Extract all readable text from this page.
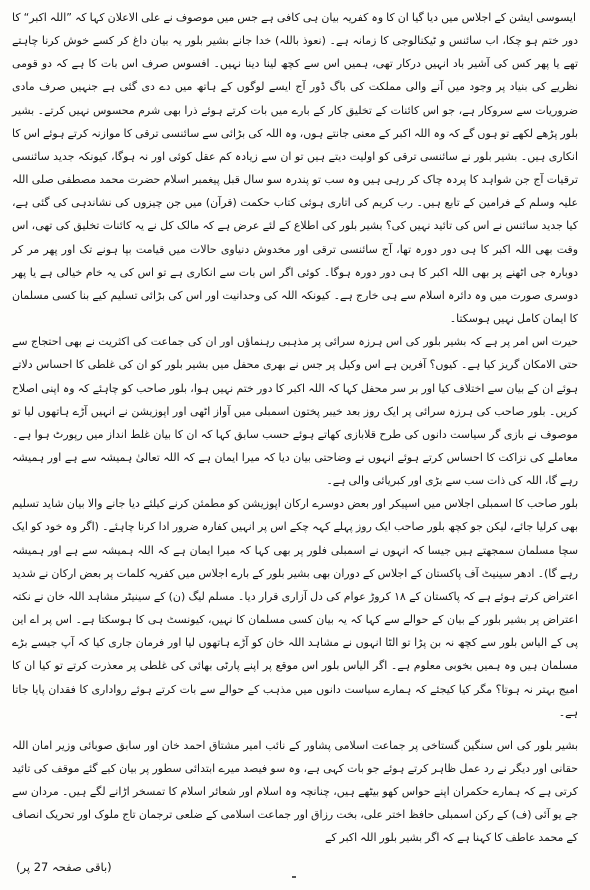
ایسوسی ایشن کے اجلاس میں دیا گیا ان کا وہ کفریہ بیان ہی کافی ہے جس میں موصوف نے علی الاعلان کہا کہ ”اللہ اکبر“ کا دور ختم ہو چکا، اب سائنس و ٹیکنالوجی کا زمانہ ہے۔ (نعوذ باللہ) خدا جانے بشیر بلور یہ بیان داغ کر کسے خوش کرنا چاہتے تھے یا پھر کس کی آشیر باد انہیں درکار تھی، ہمیں اس سے کچھ لینا دینا نہیں۔ افسوس صرف اس بات کا ہے کہ دو قومی نظریے کی بنیاد پر وجود میں آنے والی مملکت کی باگ ڈور آج ایسے لوگوں کے ہاتھ میں دے دی گئی ہے جنہیں صرف مادی ضروریات سے سروکار ہے، جو اس کائنات کے تخلیق کار کے بارے میں بات کرتے ہوئے ذرا بھی شرم محسوس نہیں کرتے۔ بشیر بلور پڑھے لکھے تو ہوں گے کہ وہ اللہ اکبر کے معنی جانتے ہوں، وہ اللہ کی بڑائی سے سائنسی ترقی کا موازنہ کرتے ہوئے اس کا انکاری ہیں۔ بشیر بلور نے سائنسی ترقی کو اولیت دیتے ہیں تو ان سے زیادہ کم عقل کوئی اور نہ ہوگا، کیونکہ جدید سائنسی ترقیات آج جن شواہد کا پردہ چاک کر رہی ہیں وہ سب تو پندرہ سو سال قبل پیغمبر اسلام حضرت محمد مصطفی صلی اللہ علیہ وسلم کے فرامین کے تابع ہیں۔ رب کریم کی اتاری ہوئی کتاب حکمت (قرآن) میں جن چیزوں کی نشاندہی کی گئی ہے، کیا جدید سائنس نے اس کی تائید نہیں کی؟ بشیر بلور کی اطلاع کے لئے عرض ہے کہ مالک کل نے یہ کائنات تخلیق کی تھی، اس وقت بھی اللہ اکبر کا ہی دور دورہ تھا، آج سائنسی ترقی اور مخدوش دنیاوی حالات میں قیامت بپا ہونے تک اور پھر مر کر دوبارہ جی اٹھنے پر بھی اللہ اکبر کا ہی دور دورہ ہوگا۔ کوئی اگر اس بات سے انکاری ہے تو اس کی یہ خام خیالی ہے یا پھر دوسری صورت میں وہ دائرہ اسلام سے ہی خارج ہے۔ کیونکہ اللہ کی وحدانیت اور اس کی بڑائی تسلیم کیے بنا کسی مسلمان کا ایمان کامل نہیں ہوسکتا۔

حیرت اس امر پر ہے کہ بشیر بلور کی اس ہرزہ سرائی پر مذہبی رہنماؤں اور ان کی جماعت کی اکثریت نے بھی احتجاج سے حتی الامکان گریز کیا ہے۔ کیوں؟ آفرین ہے اس وکیل پر جس نے بھری محفل میں بشیر بلور کو ان کی غلطی کا احساس دلاتے ہوئے ان کے بیان سے اختلاف کیا اور بر سر محفل کہا کہ اللہ اکبر کا دور ختم نہیں ہوا، بلور صاحب کو چاہئے کہ وہ اپنی اصلاح کریں۔ بلور صاحب کی ہرزہ سرائی پر ایک روز بعد خیبر پختون اسمبلی میں آواز اٹھی اور اپوزیشن نے انہیں آڑے ہاتھوں لیا تو موصوف نے بازی گر سیاست دانوں کی طرح قلابازی کھاتے ہوئے حسب سابق کہا کہ ان کا بیان غلط انداز میں رپورٹ ہوا ہے۔ معاملے کی نزاکت کا احساس کرتے ہوئے انہوں نے وضاحتی بیان دیا کہ میرا ایمان ہے کہ اللہ تعالیٰ ہمیشہ سے ہے اور ہمیشہ رہے گا، اللہ کی ذات سب سے بڑی اور کبریائی والی ہے۔

بلور صاحب کا اسمبلی اجلاس میں اسپیکر اور بعض دوسرے ارکان اپوزیشن کو مطمئن کرنے کیلئے دیا جانے والا بیان شاید تسلیم بھی کرلیا جائے، لیکن جو کچھ بلور صاحب ایک روز پہلے کہہ چکے اس پر انہیں کفارہ ضرور ادا کرنا چاہئے۔ (اگر وہ خود کو ایک سچا مسلمان سمجھتے ہیں جیسا کہ انہوں نے اسمبلی فلور پر بھی کہا کہ میرا ایمان ہے کہ اللہ ہمیشہ سے ہے اور ہمیشہ رہے گا)۔ ادھر سینیٹ آف پاکستان کے اجلاس کے دوران بھی بشیر بلور کے بارے اجلاس میں کفریہ کلمات پر بعض ارکان نے شدید اعتراض کرتے ہوئے ہے کہ پاکستان کے ۱۸ کروڑ عوام کی دل آزاری قرار دیا۔ مسلم لیگ (ن) کے سینیٹر مشاہد اللہ خان نے نکتہ اعتراض پر بشیر بلور کے بیان کے حوالے سے کہا کہ یہ بیان کسی مسلمان کا نہیں، کیونسٹ ہی کا ہوسکتا ہے۔ اس پر اے این پی کے الیاس بلور سے کچھ نہ بن پڑا تو الٹا انہوں نے مشاہد اللہ خان کو آڑے ہاتھوں لیا اور فرمان جاری کیا کہ آپ جیسے بڑے مسلمان ہیں وہ ہمیں بخوبی معلوم ہے۔ اگر الیاس بلور اس موقع پر اپنے پارٹی بھائی کی غلطی پر معذرت کرتے تو کیا ان کا امیج بہتر نہ ہوتا؟ مگر کیا کیجئے کہ ہمارے سیاست دانوں میں مذہب کے حوالے سے بات کرتے ہوئے رواداری کا فقدان پایا جاتا ہے۔

بشیر بلور کی اس سنگین گستاخی پر جماعت اسلامی پشاور کے نائب امیر مشتاق احمد خان اور سابق صوبائی وزیر امان اللہ حقانی اور دیگر نے رد عمل ظاہر کرتے ہوئے جو بات کہی ہے، وہ سو فیصد میرے ابتدائی سطور پر بیان کیے گئے موقف کی تائید کرتی ہے کہ ہمارے حکمران اپنے حواس کھو بیٹھے ہیں، چنانچہ وہ اسلام اور شعائر اسلام کا تمسخر اڑانے لگے ہیں۔ مردان سے جے یو آئی (ف) کے رکن اسمبلی حافظ اختر علی، بخت رزاق اور جماعت اسلامی کے ضلعی ترجمان تاج ملوک اور تحریک انصاف کے محمد عاطف کا کہنا ہے کہ اگر بشیر بلور اللہ اکبر کے

(باقی صفحہ 27 پر)
